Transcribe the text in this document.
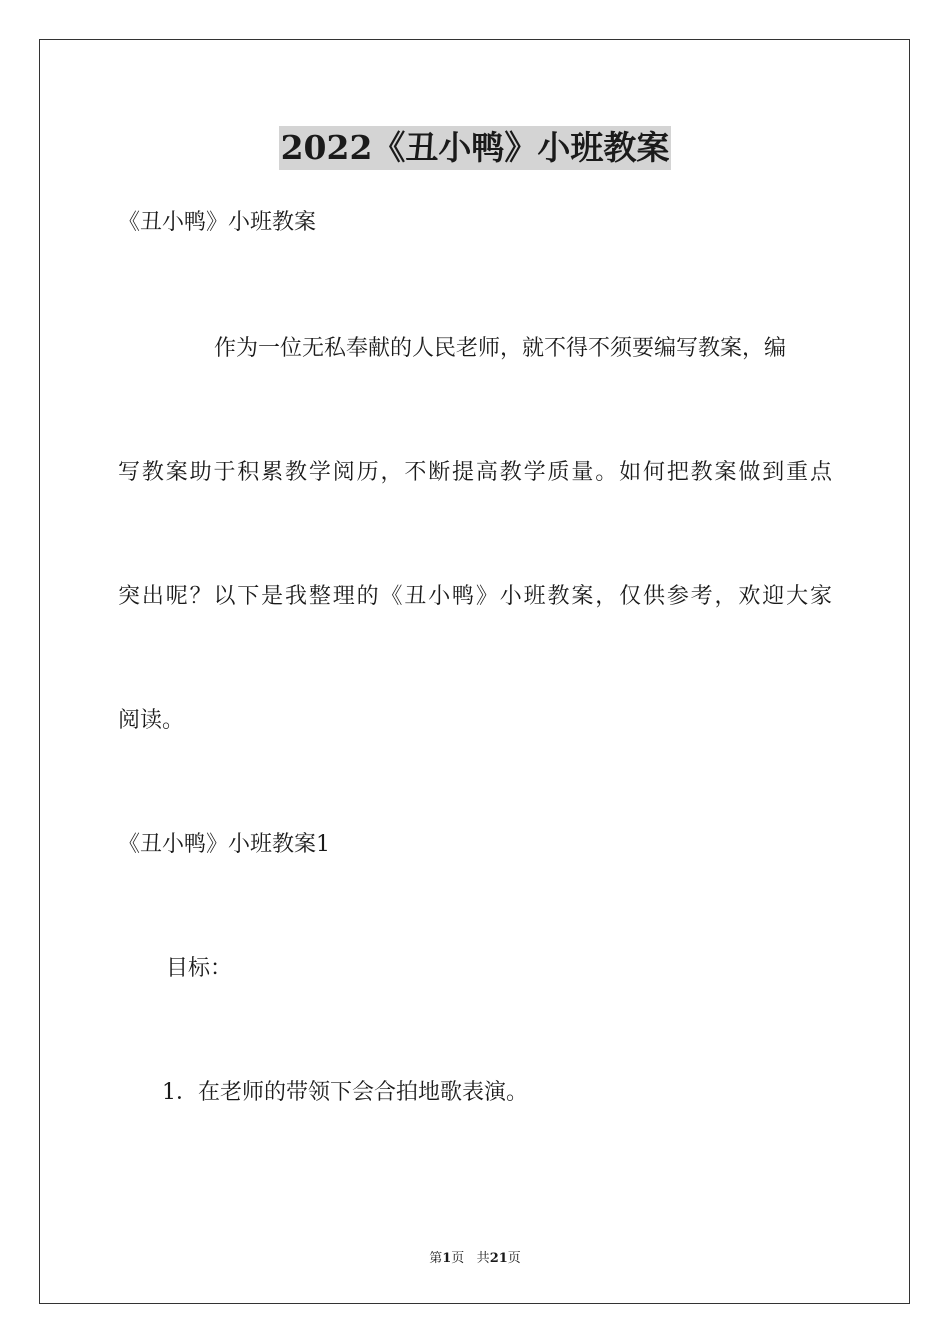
2022《丑小鸭》小班教案
《丑小鸭》小班教案
作为一位无私奉献的人民老师，就不得不须要编写教案，编
写教案助于积累教学阅历，不断提高教学质量。如何把教案做到重点
突出呢？以下是我整理的《丑小鸭》小班教案，仅供参考，欢迎大家
阅读。
《丑小鸭》小班教案1
目标：
1．在老师的带领下会合拍地歌表演。
第1页 共21页
